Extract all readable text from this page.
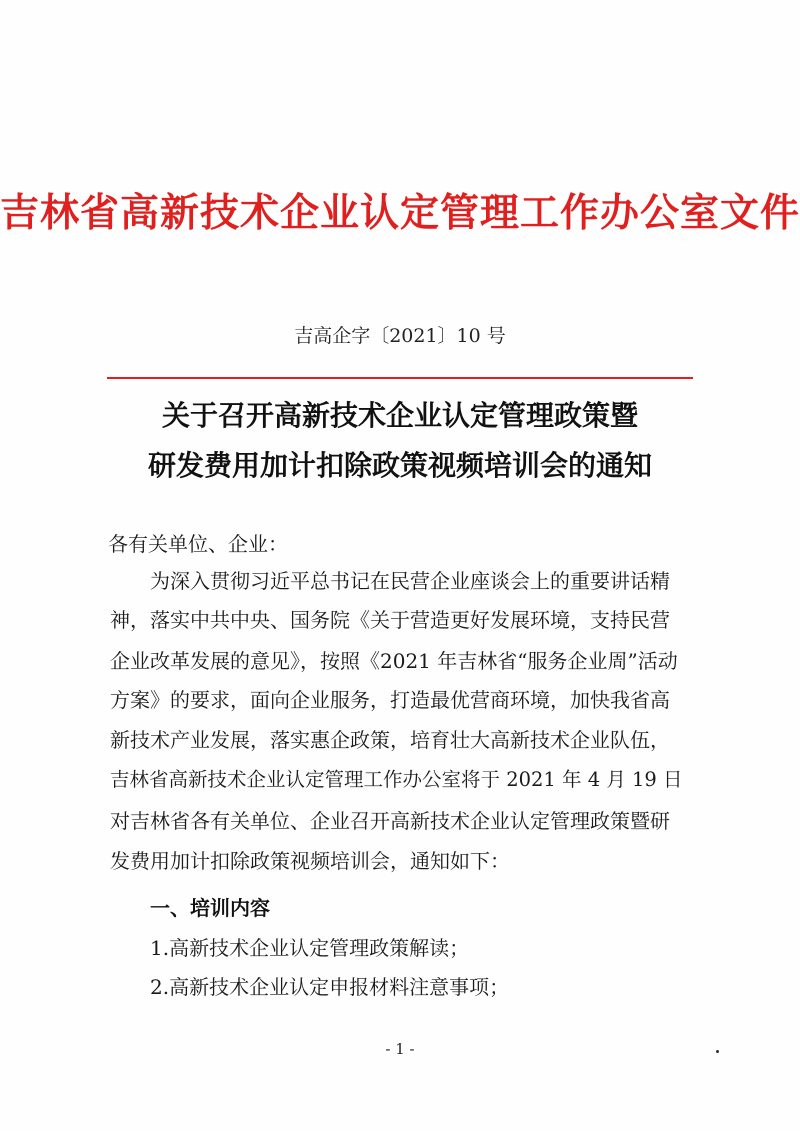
吉林省高新技术企业认定管理工作办公室文件
吉高企字〔2021〕10 号
关于召开高新技术企业认定管理政策暨
研发费用加计扣除政策视频培训会的通知
各有关单位、企业：
为深入贯彻习近平总书记在民营企业座谈会上的重要讲话精
神，落实中共中央、国务院《关于营造更好发展环境，支持民营
企业改革发展的意见》，按照《2021 年吉林省“服务企业周”活动
方案》的要求，面向企业服务，打造最优营商环境，加快我省高
新技术产业发展，落实惠企政策，培育壮大高新技术企业队伍，
吉林省高新技术企业认定管理工作办公室将于 2021 年 4 月 19 日
对吉林省各有关单位、企业召开高新技术企业认定管理政策暨研
发费用加计扣除政策视频培训会，通知如下：
一、培训内容
1.高新技术企业认定管理政策解读；
2.高新技术企业认定申报材料注意事项；
- 1 -
